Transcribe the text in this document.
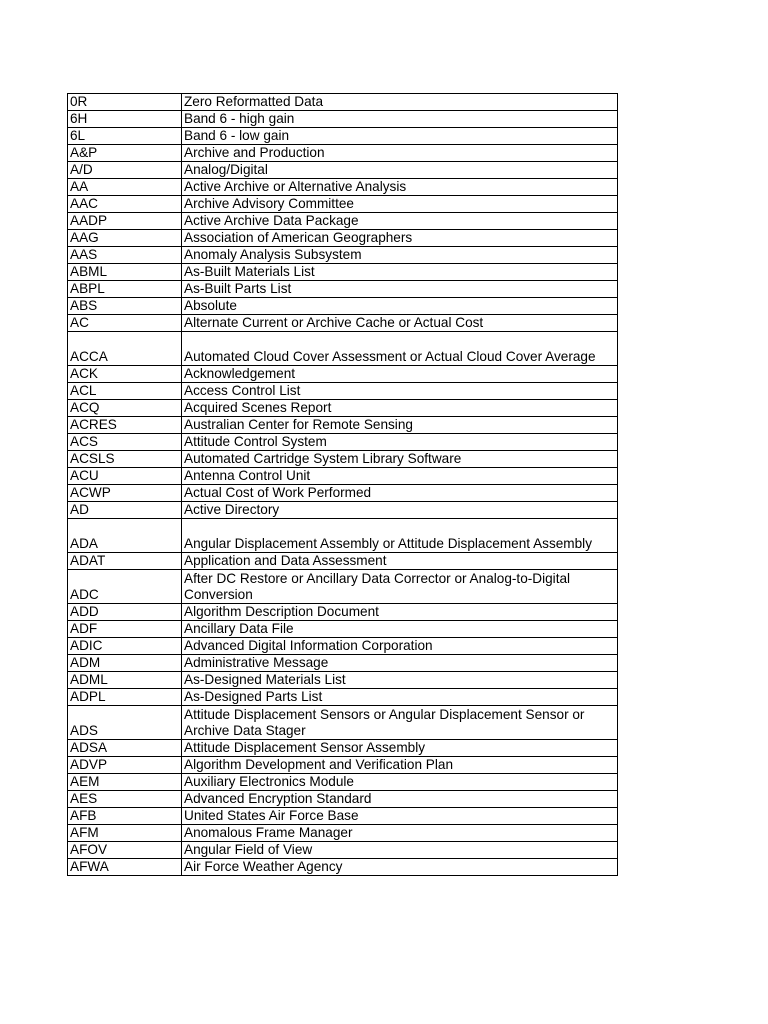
0R	Zero Reformatted Data
6H	Band 6 - high gain
6L	Band 6 - low gain
A&P	Archive and Production
A/D	Analog/Digital
AA	Active Archive or Alternative Analysis
AAC	Archive Advisory Committee
AADP	Active Archive Data Package
AAG	Association of American Geographers
AAS	Anomaly Analysis Subsystem
ABML	As-Built Materials List
ABPL	As-Built Parts List
ABS	Absolute
AC	Alternate Current or Archive Cache or Actual Cost
ACCA	Automated Cloud Cover Assessment or Actual Cloud Cover Average
ACK	Acknowledgement
ACL	Access Control List
ACQ	Acquired Scenes Report
ACRES	Australian Center for Remote Sensing
ACS	Attitude Control System
ACSLS	Automated Cartridge System Library Software
ACU	Antenna Control Unit
ACWP	Actual Cost of Work Performed
AD	Active Directory
ADA	Angular Displacement Assembly or Attitude Displacement Assembly
ADAT	Application and Data Assessment
ADC	After DC Restore or Ancillary Data Corrector or Analog-to-Digital Conversion
ADD	Algorithm Description Document
ADF	Ancillary Data File
ADIC	Advanced Digital Information Corporation
ADM	Administrative Message
ADML	As-Designed Materials List
ADPL	As-Designed Parts List
ADS	Attitude Displacement Sensors or Angular Displacement Sensor or Archive Data Stager
ADSA	Attitude Displacement Sensor Assembly
ADVP	Algorithm Development and Verification Plan
AEM	Auxiliary Electronics Module
AES	Advanced Encryption Standard
AFB	United States Air Force Base
AFM	Anomalous Frame Manager
AFOV	Angular Field of View
AFWA	Air Force Weather Agency
